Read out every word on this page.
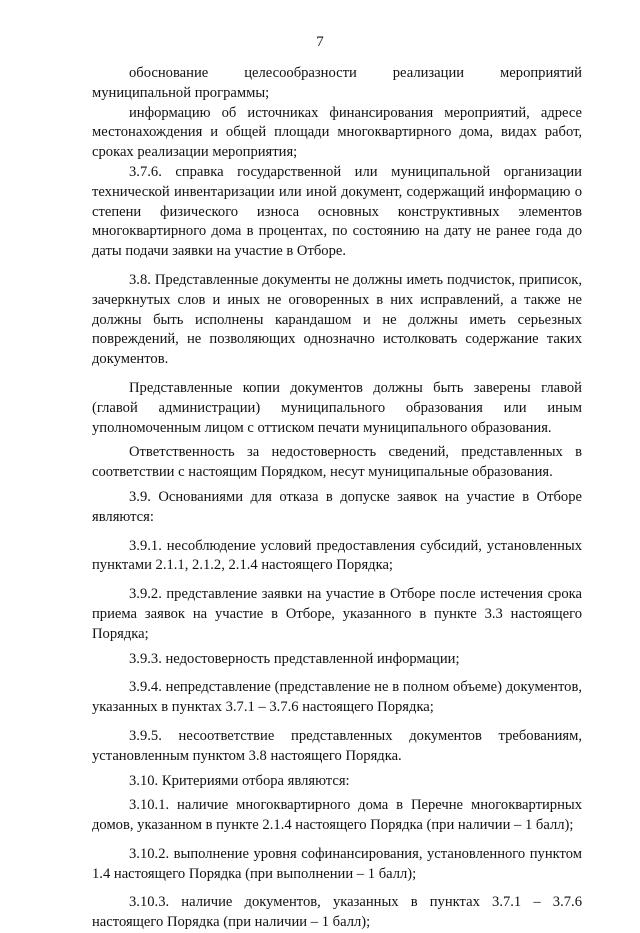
7

обоснование целесообразности реализации мероприятий муниципальной программы;

информацию об источниках финансирования мероприятий, адресе местонахождения и общей площади многоквартирного дома, видах работ, сроках реализации мероприятия;

3.7.6. справка государственной или муниципальной организации технической инвентаризации или иной документ, содержащий информацию о степени физического износа основных конструктивных элементов многоквартирного дома в процентах, по состоянию на дату не ранее года до даты подачи заявки на участие в Отборе.

3.8. Представленные документы не должны иметь подчисток, приписок, зачеркнутых слов и иных не оговоренных в них исправлений, а также не должны быть исполнены карандашом и не должны иметь серьезных повреждений, не позволяющих однозначно истолковать содержание таких документов.

Представленные копии документов должны быть заверены главой (главой администрации) муниципального образования или иным уполномоченным лицом с оттиском печати муниципального образования.

Ответственность за недостоверность сведений, представленных в соответствии с настоящим Порядком, несут муниципальные образования.

3.9. Основаниями для отказа в допуске заявок на участие в Отборе являются:

3.9.1. несоблюдение условий предоставления субсидий, установленных пунктами 2.1.1, 2.1.2, 2.1.4 настоящего Порядка;

3.9.2. представление заявки на участие в Отборе после истечения срока приема заявок на участие в Отборе, указанного в пункте 3.3 настоящего Порядка;

3.9.3. недостоверность представленной информации;

3.9.4. непредставление (представление не в полном объеме) документов, указанных в пунктах 3.7.1 – 3.7.6 настоящего Порядка;

3.9.5. несоответствие представленных документов требованиям, установленным пунктом 3.8 настоящего Порядка.

3.10. Критериями отбора являются:

3.10.1. наличие многоквартирного дома в Перечне многоквартирных домов, указанном в пункте 2.1.4 настоящего Порядка (при наличии – 1 балл);

3.10.2. выполнение уровня софинансирования, установленного пунктом 1.4 настоящего Порядка (при выполнении – 1 балл);

3.10.3. наличие документов, указанных в пунктах 3.7.1 – 3.7.6 настоящего Порядка (при наличии – 1 балл);
